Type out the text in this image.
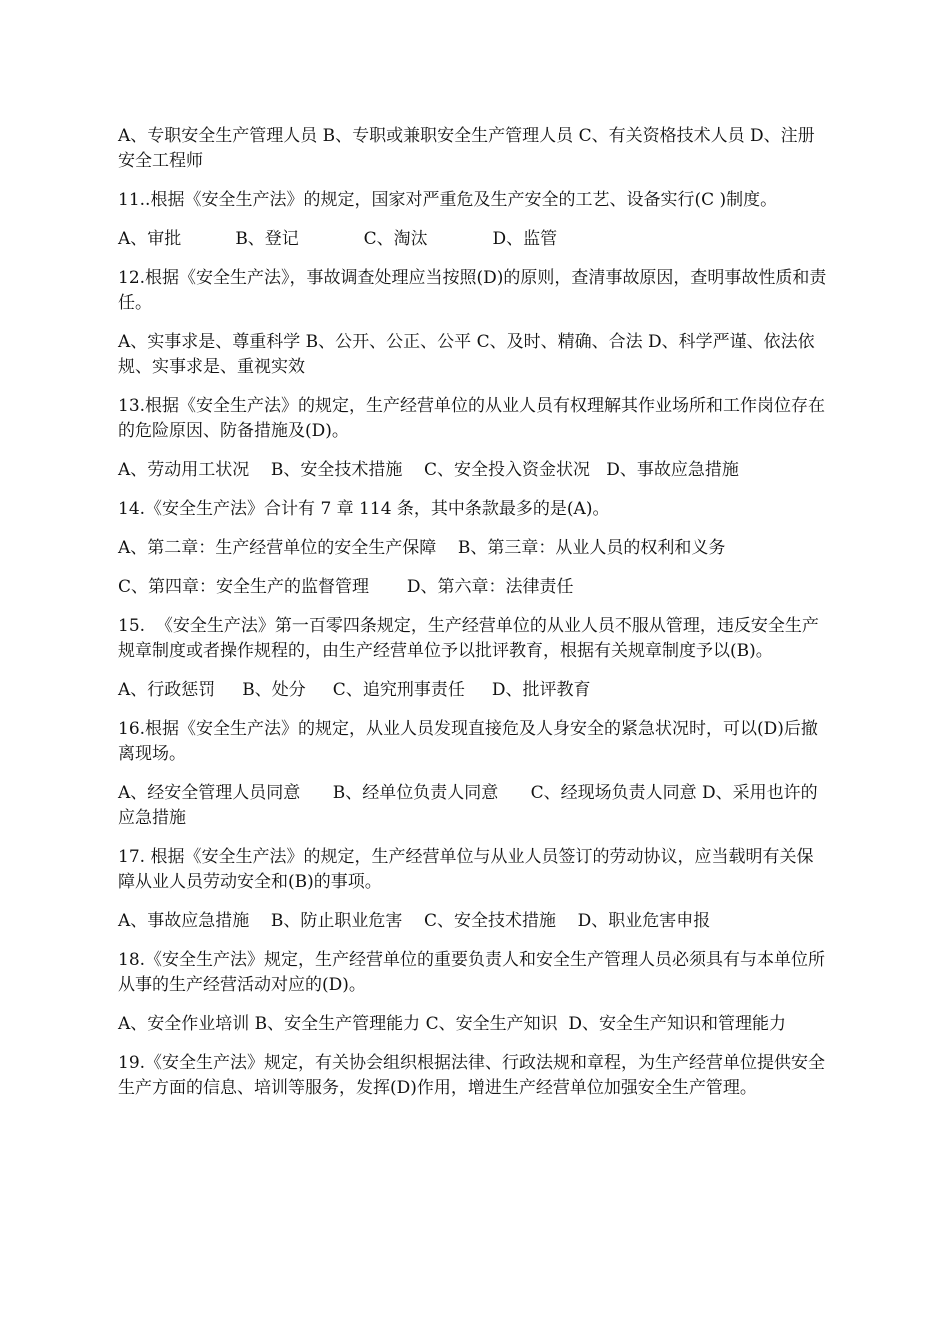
A、专职安全生产管理人员 B、专职或兼职安全生产管理人员 C、有关资格技术人员 D、注册安全工程师

11..根据《安全生产法》的规定，国家对严重危及生产安全的工艺、设备实行(C )制度。

A、审批          B、登记            C、淘汰            D、监管

12.根据《安全生产法》，事故调查处理应当按照(D)的原则，查清事故原因，查明事故性质和责任。

A、实事求是、尊重科学 B、公开、公正、公平 C、及时、精确、合法 D、科学严谨、依法依规、实事求是、重视实效

13.根据《安全生产法》的规定，生产经营单位的从业人员有权理解其作业场所和工作岗位存在的危险原因、防备措施及(D)。

A、劳动用工状况    B、安全技术措施    C、安全投入资金状况   D、事故应急措施

14.《安全生产法》合计有 7 章 114 条，其中条款最多的是(A)。

A、第二章：生产经营单位的安全生产保障    B、第三章：从业人员的权利和义务

C、第四章：安全生产的监督管理       D、第六章：法律责任

15.  《安全生产法》第一百零四条规定，生产经营单位的从业人员不服从管理，违反安全生产规章制度或者操作规程的，由生产经营单位予以批评教育，根据有关规章制度予以(B)。

A、行政惩罚     B、处分     C、追究刑事责任     D、批评教育

16.根据《安全生产法》的规定，从业人员发现直接危及人身安全的紧急状况时，可以(D)后撤离现场。

A、经安全管理人员同意      B、经单位负责人同意      C、经现场负责人同意 D、采用也许的应急措施

17. 根据《安全生产法》的规定，生产经营单位与从业人员签订的劳动协议，应当载明有关保障从业人员劳动安全和(B)的事项。

A、事故应急措施    B、防止职业危害    C、安全技术措施    D、职业危害申报

18.《安全生产法》规定，生产经营单位的重要负责人和安全生产管理人员必须具有与本单位所从事的生产经营活动对应的(D)。

A、安全作业培训 B、安全生产管理能力 C、安全生产知识  D、安全生产知识和管理能力

19.《安全生产法》规定，有关协会组织根据法律、行政法规和章程，为生产经营单位提供安全生产方面的信息、培训等服务，发挥(D)作用，增进生产经营单位加强安全生产管理。
